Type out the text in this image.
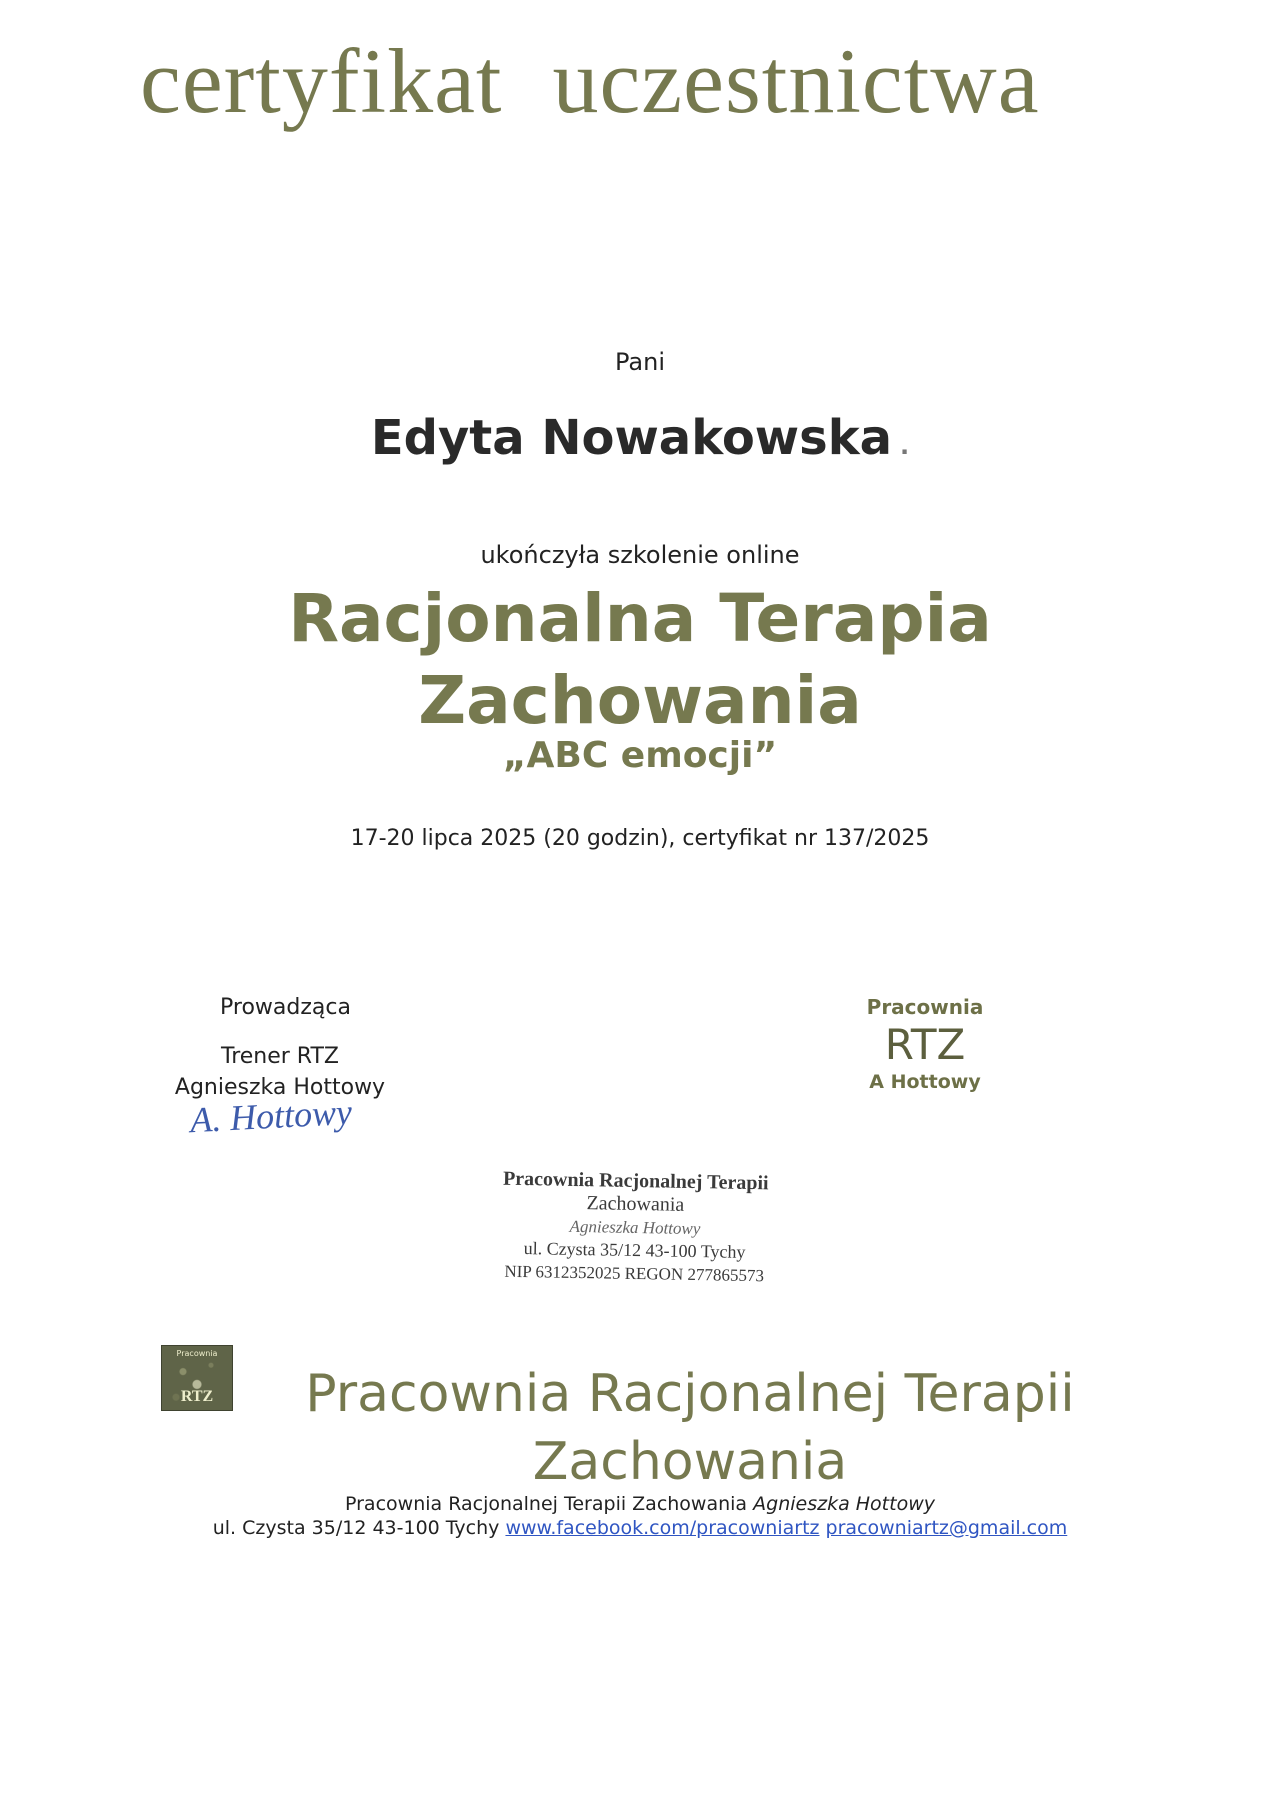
certyfikat uczestnictwa
Pani
Edyta Nowakowska .
ukończyła szkolenie online
Racjonalna Terapia
Zachowania
„ABC emocji”
17-20 lipca 2025 (20 godzin), certyfikat nr 137/2025
Prowadząca
Trener RTZ
Agnieszka Hottowy
A. Hottowy
Pracownia
RTZ
A Hottowy
Pracownia Racjonalnej Terapii
Zachowania
Agnieszka Hottowy
ul. Czysta 35/12 43-100 Tychy
NIP 6312352025 REGON 277865573
Pracownia
RTZ	Pracownia Racjonalnej Terapii
Zachowania
Pracownia Racjonalnej Terapii Zachowania Agnieszka Hottowy
ul. Czysta 35/12 43-100 Tychy www.facebook.com/pracowniartz pracowniartz@gmail.com
